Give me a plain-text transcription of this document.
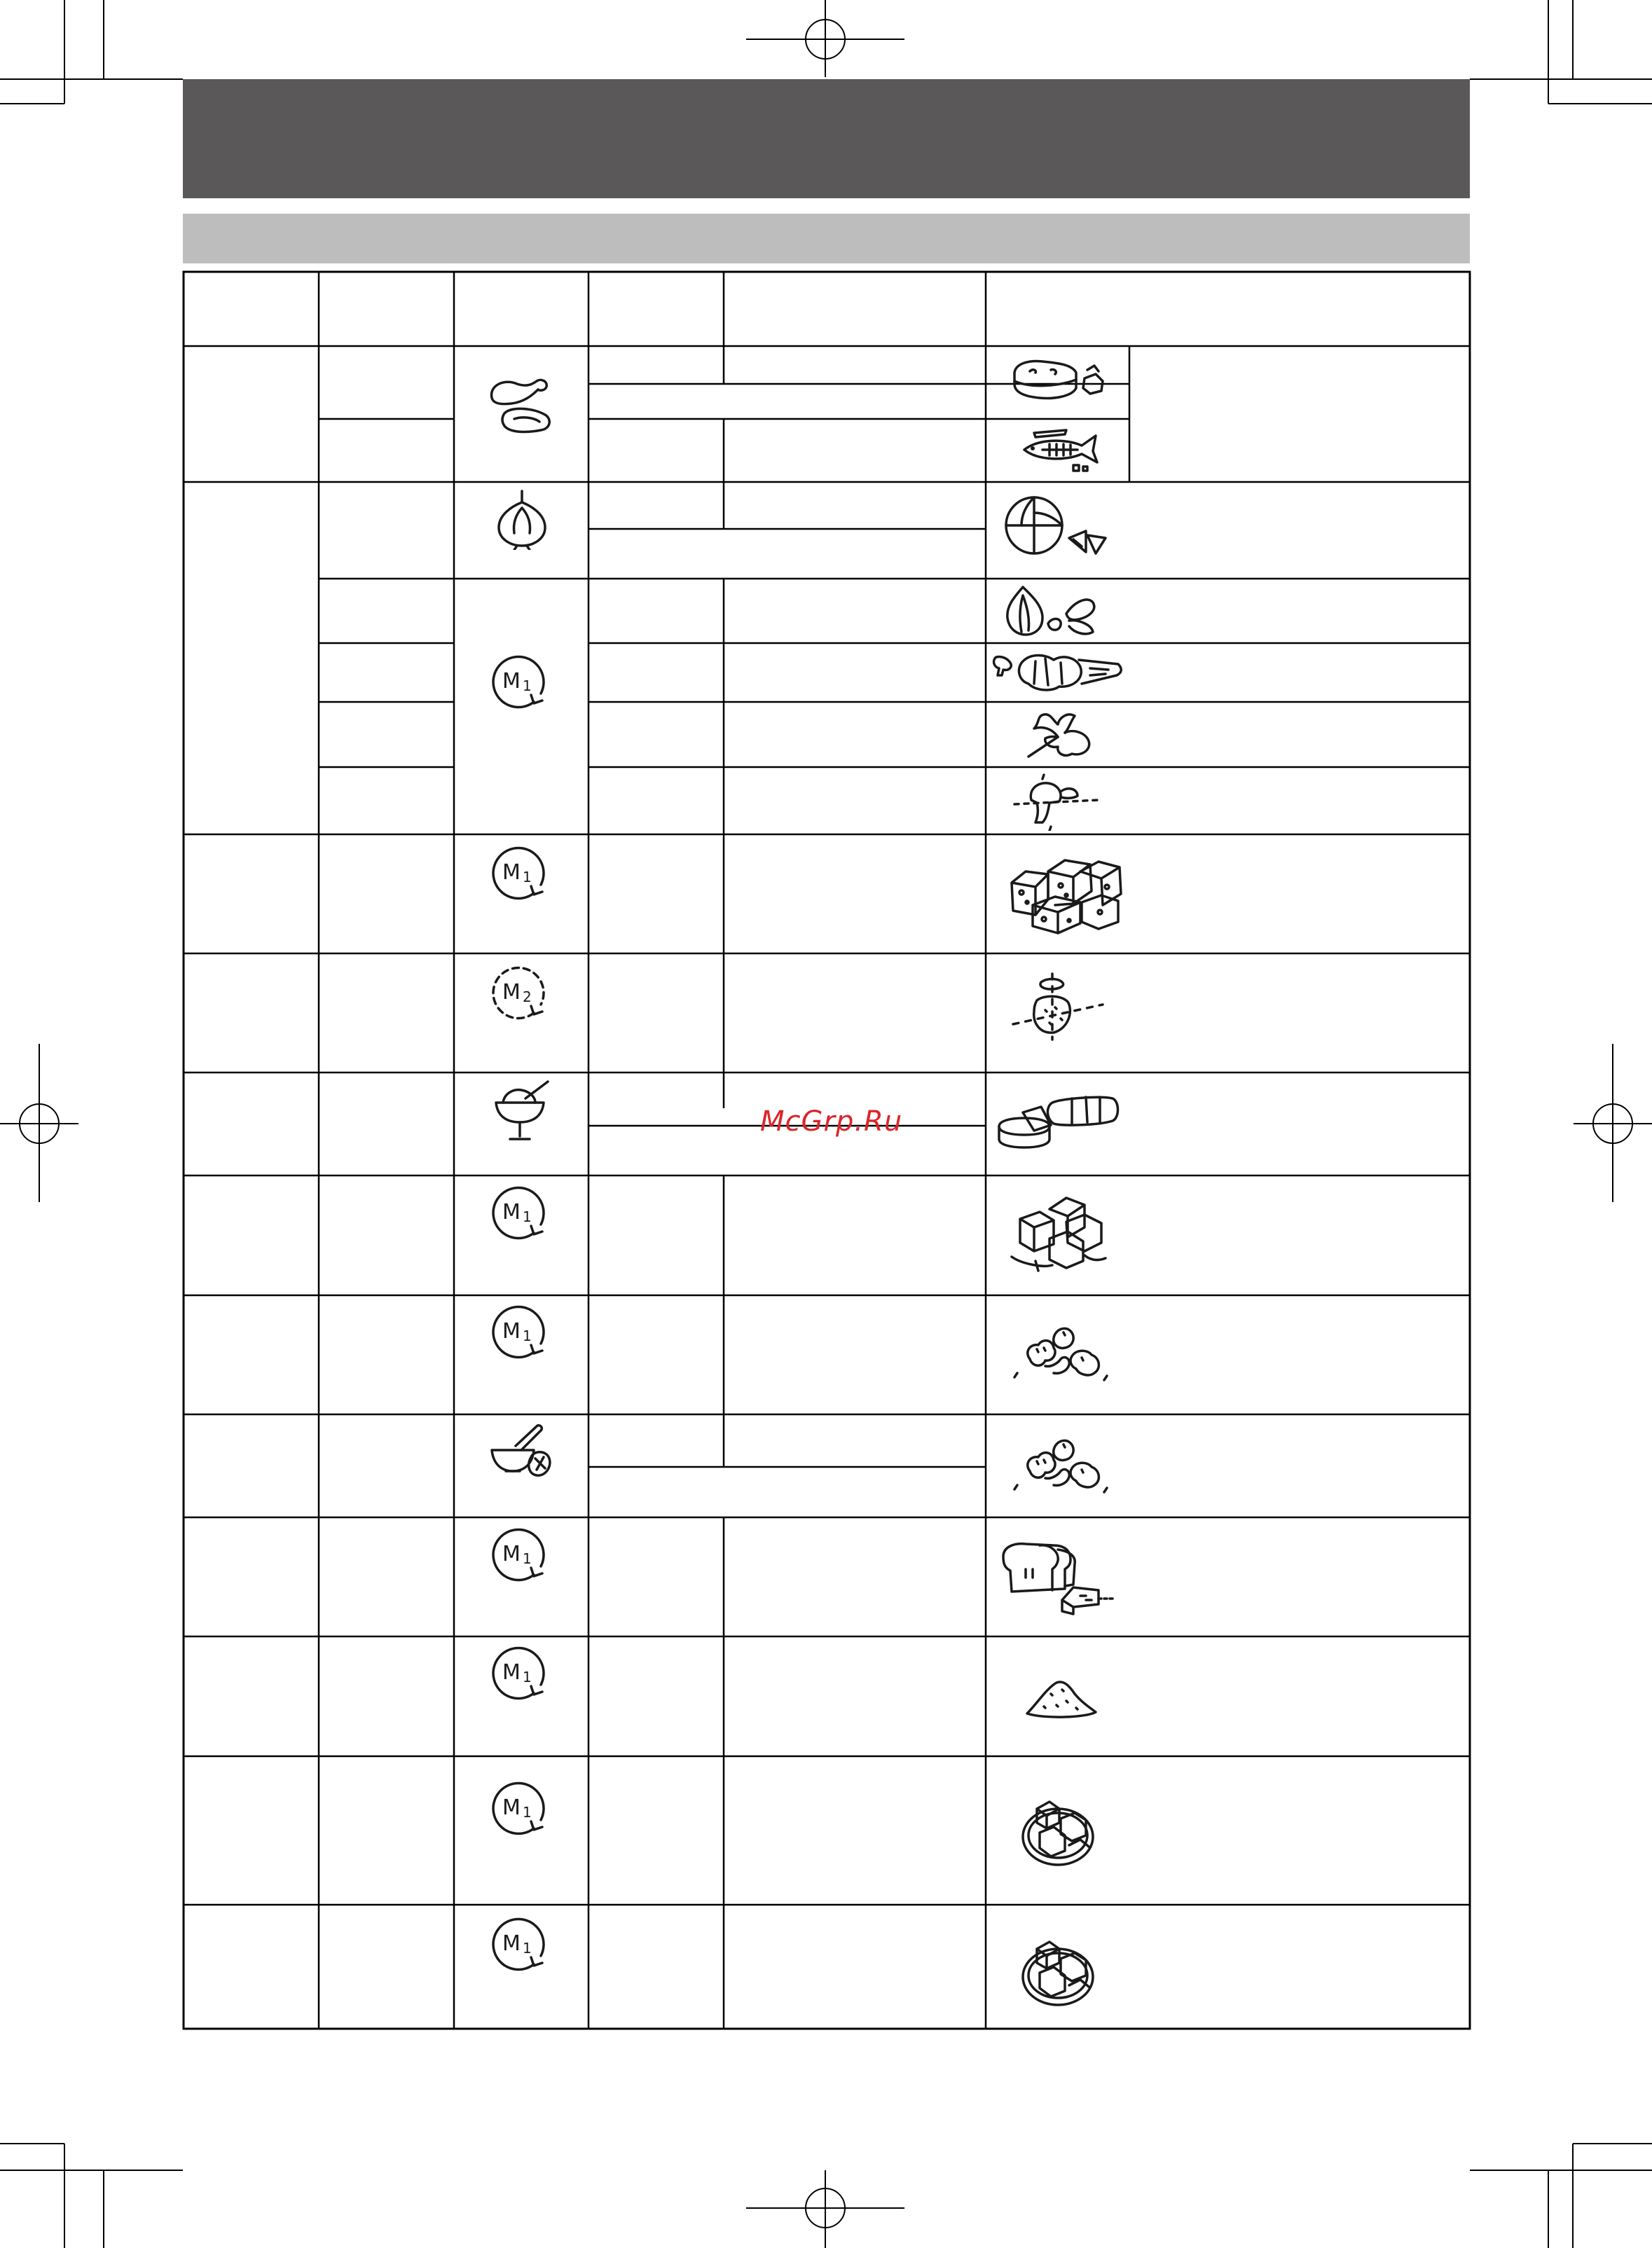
M 1
M 1
M 2
M 1
M 1
M 1
M 1
M 1
M 1
McGrp.Ru
